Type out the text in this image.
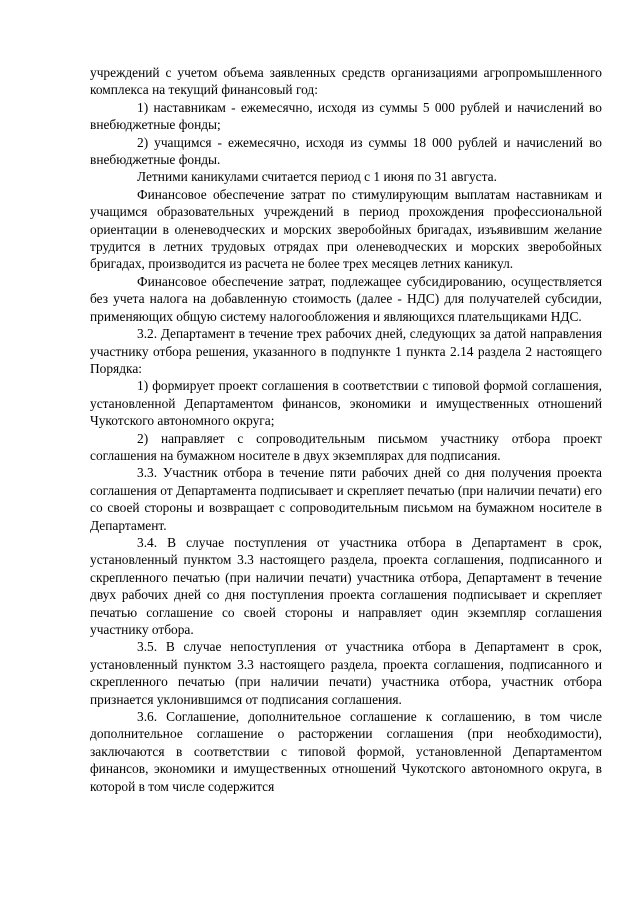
учреждений с учетом объема заявленных средств организациями агропромышленного комплекса на текущий финансовый год:

1) наставникам - ежемесячно, исходя из суммы 5 000 рублей и начислений во внебюджетные фонды;

2) учащимся - ежемесячно, исходя из суммы 18 000 рублей и начислений во внебюджетные фонды.

Летними каникулами считается период с 1 июня по 31 августа.

Финансовое обеспечение затрат по стимулирующим выплатам наставникам и учащимся образовательных учреждений в период прохождения профессиональной ориентации в оленеводческих и морских зверобойных бригадах, изъявившим желание трудится в летних трудовых отрядах при оленеводческих и морских зверобойных бригадах, производится из расчета не более трех месяцев летних каникул.

Финансовое обеспечение затрат, подлежащее субсидированию, осуществляется без учета налога на добавленную стоимость (далее - НДС) для получателей субсидии, применяющих общую систему налогообложения и являющихся плательщиками НДС.

3.2. Департамент в течение трех рабочих дней, следующих за датой направления участнику отбора решения, указанного в подпункте 1 пункта 2.14 раздела 2 настоящего Порядка:

1) формирует проект соглашения в соответствии с типовой формой соглашения, установленной Департаментом финансов, экономики и имущественных отношений Чукотского автономного округа;

2) направляет с сопроводительным письмом участнику отбора проект соглашения на бумажном носителе в двух экземплярах для подписания.

3.3. Участник отбора в течение пяти рабочих дней со дня получения проекта соглашения от Департамента подписывает и скрепляет печатью (при наличии печати) его со своей стороны и возвращает с сопроводительным письмом на бумажном носителе в Департамент.

3.4. В случае поступления от участника отбора в Департамент в срок, установленный пунктом 3.3 настоящего раздела, проекта соглашения, подписанного и скрепленного печатью (при наличии печати) участника отбора, Департамент в течение двух рабочих дней со дня поступления проекта соглашения подписывает и скрепляет печатью соглашение со своей стороны и направляет один экземпляр соглашения участнику отбора.

3.5. В случае непоступления от участника отбора в Департамент в срок, установленный пунктом 3.3 настоящего раздела, проекта соглашения, подписанного и скрепленного печатью (при наличии печати) участника отбора, участник отбора признается уклонившимся от подписания соглашения.

3.6. Соглашение, дополнительное соглашение к соглашению, в том числе дополнительное соглашение о расторжении соглашения (при необходимости), заключаются в соответствии с типовой формой, установленной Департаментом финансов, экономики и имущественных отношений Чукотского автономного округа, в которой в том числе содержится
